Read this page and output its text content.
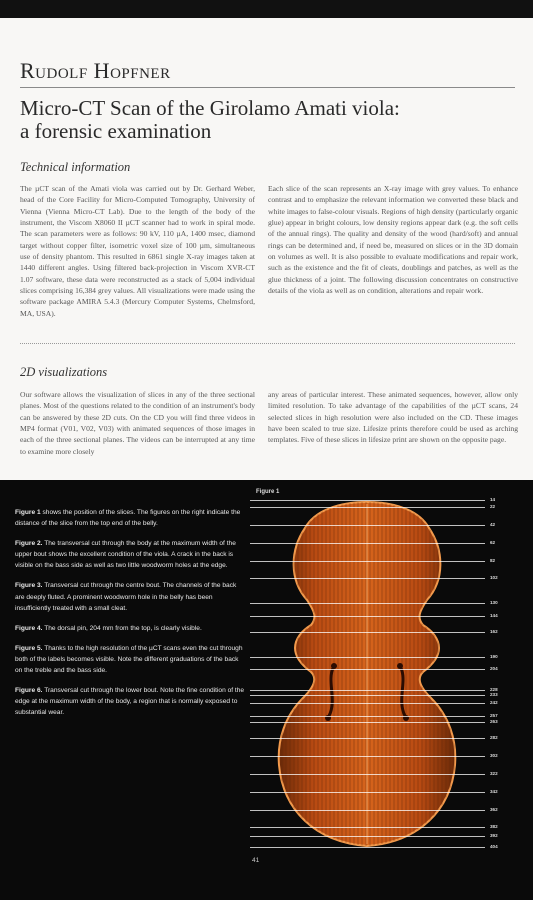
Rudolf Hopfner
Micro-CT Scan of the Girolamo Amati viola:
a forensic examination
Technical information
The µCT scan of the Amati viola was carried out by Dr. Gerhard Weber, head of the Core Facility for Micro-Computed Tomography, University of Vienna (Vienna Micro-CT Lab). Due to the length of the body of the instrument, the Viscom X8060 II µCT scanner had to work in spiral mode. The scan parameters were as follows: 90 kV, 110 µA, 1400 msec, diamond target without copper filter, isometric voxel size of 100 µm, simultaneous use of density phantom. This resulted in 6861 single X-ray images taken at 1440 different angles. Using filtered back-projection in Viscom XVR-CT 1.07 software, these data were reconstructed as a stack of 5,004 individual slices comprising 16,384 grey values. All visualizations were made using the software package AMIRA 5.4.3 (Mercury Computer Systems, Chelmsford, MA, USA).
Each slice of the scan represents an X-ray image with grey values. To enhance contrast and to emphasize the relevant information we converted these black and white images to false-colour visuals. Regions of high density (particularly organic glue) appear in bright colours, low density regions appear dark (e.g. the soft cells of the annual rings). The quality and density of the wood (hard/soft) and annual rings can be determined and, if need be, measured on slices or in the 3D domain on volumes as well. It is also possible to evaluate modifications and repair work, such as the existence and the fit of cleats, doublings and patches, as well as the glue thickness of a joint. The following discussion concentrates on constructive details of the viola as well as on condition, alterations and repair work.
2D visualizations
Our software allows the visualization of slices in any of the three sectional planes. Most of the questions related to the condition of an instrument's body can be answered by these 2D cuts. On the CD you will find three videos in MP4 format (V01, V02, V03) with animated sequences of those images in each of the three sectional planes. The videos can be interrupted at any time to examine more closely
any areas of particular interest. These animated sequences, however, allow only limited resolution. To take advantage of the capabilities of the µCT scans, 24 selected slices in high resolution were also included on the CD. These images have been scaled to true size. Lifesize prints therefore could be used as arching templates. Five of these slices in lifesize print are shown on the opposite page.

Figure 1 shows the position of the slices. The figures on the right indicate the distance of the slice from the top end of the belly.

Figure 2. The transversal cut through the body at the maximum width of the upper bout shows the excellent condition of the viola. A crack in the back is visible on the bass side as well as two little woodworm holes at the edge.

Figure 3. Transversal cut through the centre bout. The channels of the back are deeply fluted. A prominent woodworm hole in the belly has been insufficiently treated with a small cleat.

Figure 4. The dorsal pin, 204 mm from the top, is clearly visible.

Figure 5. Thanks to the high resolution of the µCT scans even the cut through both of the labels becomes visible. Note the different graduations of the back on the treble and the bass side.

Figure 6. Transversal cut through the lower bout. Note the fine condition of the edge at the maximum width of the body, a region that is normally exposed to substantial wear.

Figure 1
14
22
42
62
82
102
130
144
162
190
204
228
233
242
257
263
282
302
322
342
362
382
392
404
41
